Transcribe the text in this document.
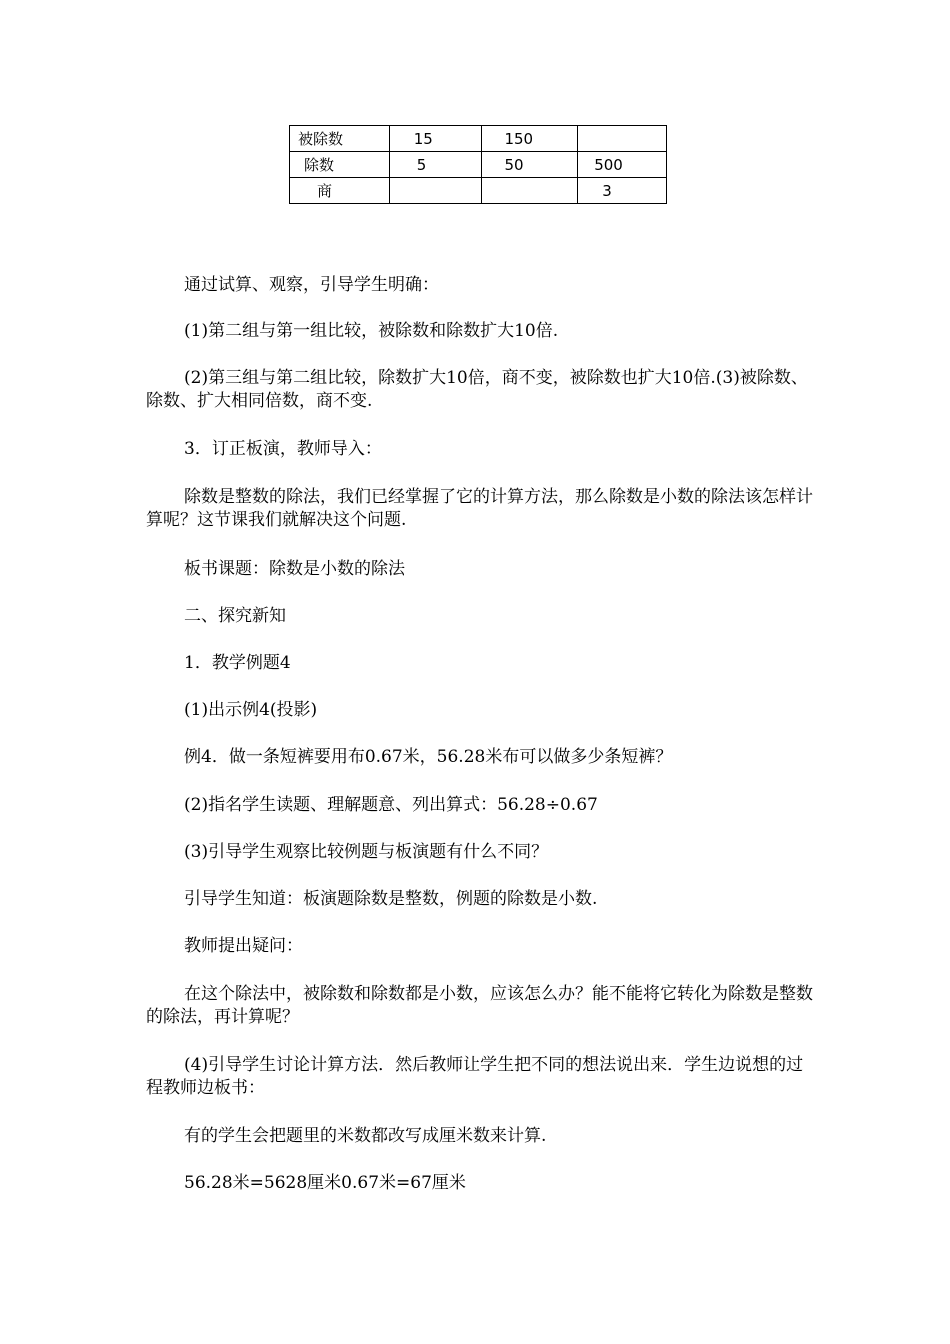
被除数	15	150	

除数	5	50	500

商			3

通过试算、观察，引导学生明确：

(1)第二组与第一组比较，被除数和除数扩大10倍.

(2)第三组与第二组比较，除数扩大10倍，商不变，被除数也扩大10倍.(3)被除数、除数、扩大相同倍数，商不变.

3．订正板演，教师导入：

除数是整数的除法，我们已经掌握了它的计算方法，那么除数是小数的除法该怎样计算呢？这节课我们就解决这个问题.

板书课题：除数是小数的除法

二、探究新知

1．教学例题4

(1)出示例4(投影)

例4．做一条短裤要用布0.67米，56.28米布可以做多少条短裤？

(2)指名学生读题、理解题意、列出算式：56.28÷0.67

(3)引导学生观察比较例题与板演题有什么不同？

引导学生知道：板演题除数是整数，例题的除数是小数.

教师提出疑问：

在这个除法中，被除数和除数都是小数，应该怎么办？能不能将它转化为除数是整数的除法，再计算呢？

(4)引导学生讨论计算方法．然后教师让学生把不同的想法说出来．学生边说想的过程教师边板书：

有的学生会把题里的米数都改写成厘米数来计算.

56.28米=5628厘米0.67米=67厘米
